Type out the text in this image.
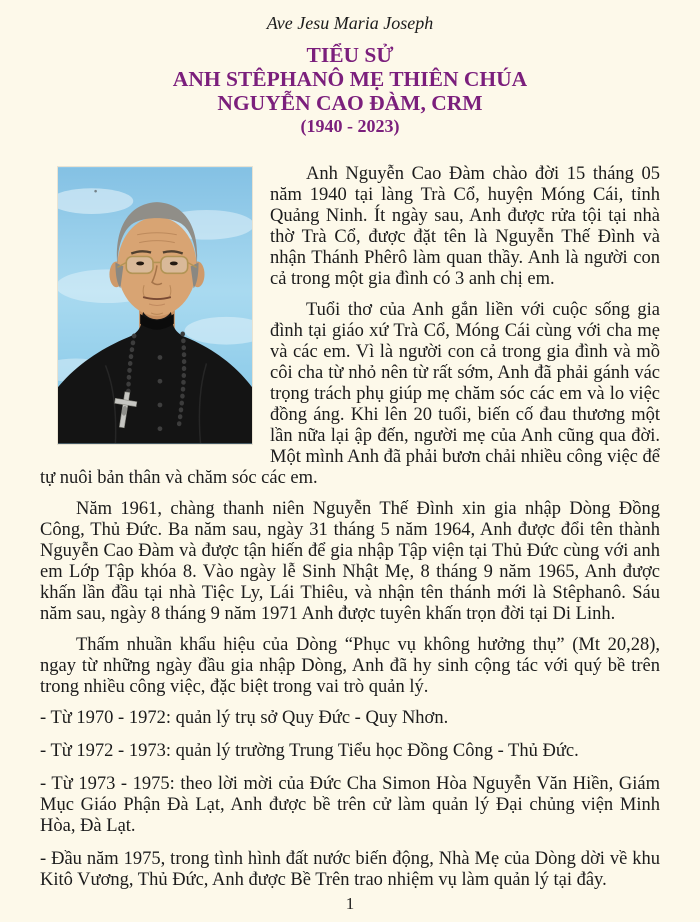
Ave Jesu Maria Joseph
TIỂU SỬ
ANH STÊPHANÔ MẸ THIÊN CHÚA
NGUYỄN CAO ĐÀM, CRM
(1940 - 2023)

Anh Nguyễn Cao Đàm chào đời 15 tháng 05 năm 1940 tại làng Trà Cổ, huyện Móng Cái, tỉnh Quảng Ninh. Ít ngày sau, Anh được rửa tội tại nhà thờ Trà Cổ, được đặt tên là Nguyễn Thế Đình và nhận Thánh Phêrô làm quan thầy. Anh là người con cả trong một gia đình có 3 anh chị em.

Tuổi thơ của Anh gắn liền với cuộc sống gia đình tại giáo xứ Trà Cổ, Móng Cái cùng với cha mẹ và các em. Vì là người con cả trong gia đình và mồ côi cha từ nhỏ nên từ rất sớm, Anh đã phải gánh vác trọng trách phụ giúp mẹ chăm sóc các em và lo việc đồng áng. Khi lên 20 tuổi, biến cố đau thương một lần nữa lại ập đến, người mẹ của Anh cũng qua đời. Một mình Anh đã phải bươn chải nhiều công việc để tự nuôi bản thân và chăm sóc các em.

Năm 1961, chàng thanh niên Nguyễn Thế Đình xin gia nhập Dòng Đồng Công, Thủ Đức. Ba năm sau, ngày 31 tháng 5 năm 1964, Anh được đổi tên thành Nguyễn Cao Đàm và được tận hiến để gia nhập Tập viện tại Thủ Đức cùng với anh em Lớp Tập khóa 8. Vào ngày lễ Sinh Nhật Mẹ, 8 tháng 9 năm 1965, Anh được khấn lần đầu tại nhà Tiệc Ly, Lái Thiêu, và nhận tên thánh mới là Stêphanô. Sáu năm sau, ngày 8 tháng 9 năm 1971 Anh được tuyên khấn trọn đời tại Di Linh.

Thấm nhuần khẩu hiệu của Dòng “Phục vụ không hưởng thụ” (Mt 20,28), ngay từ những ngày đầu gia nhập Dòng, Anh đã hy sinh cộng tác với quý bề trên trong nhiều công việc, đặc biệt trong vai trò quản lý.

- Từ 1970 - 1972: quản lý trụ sở Quy Đức - Quy Nhơn.

- Từ 1972 - 1973: quản lý trường Trung Tiểu học Đồng Công - Thủ Đức.

- Từ 1973 - 1975: theo lời mời của Đức Cha Simon Hòa Nguyễn Văn Hiền, Giám Mục Giáo Phận Đà Lạt, Anh được bề trên cử làm quản lý Đại chủng viện Minh Hòa, Đà Lạt.

- Đầu năm 1975, trong tình hình đất nước biến động, Nhà Mẹ của Dòng dời về khu Kitô Vương, Thủ Đức, Anh được Bề Trên trao nhiệm vụ làm quản lý tại đây.

1
